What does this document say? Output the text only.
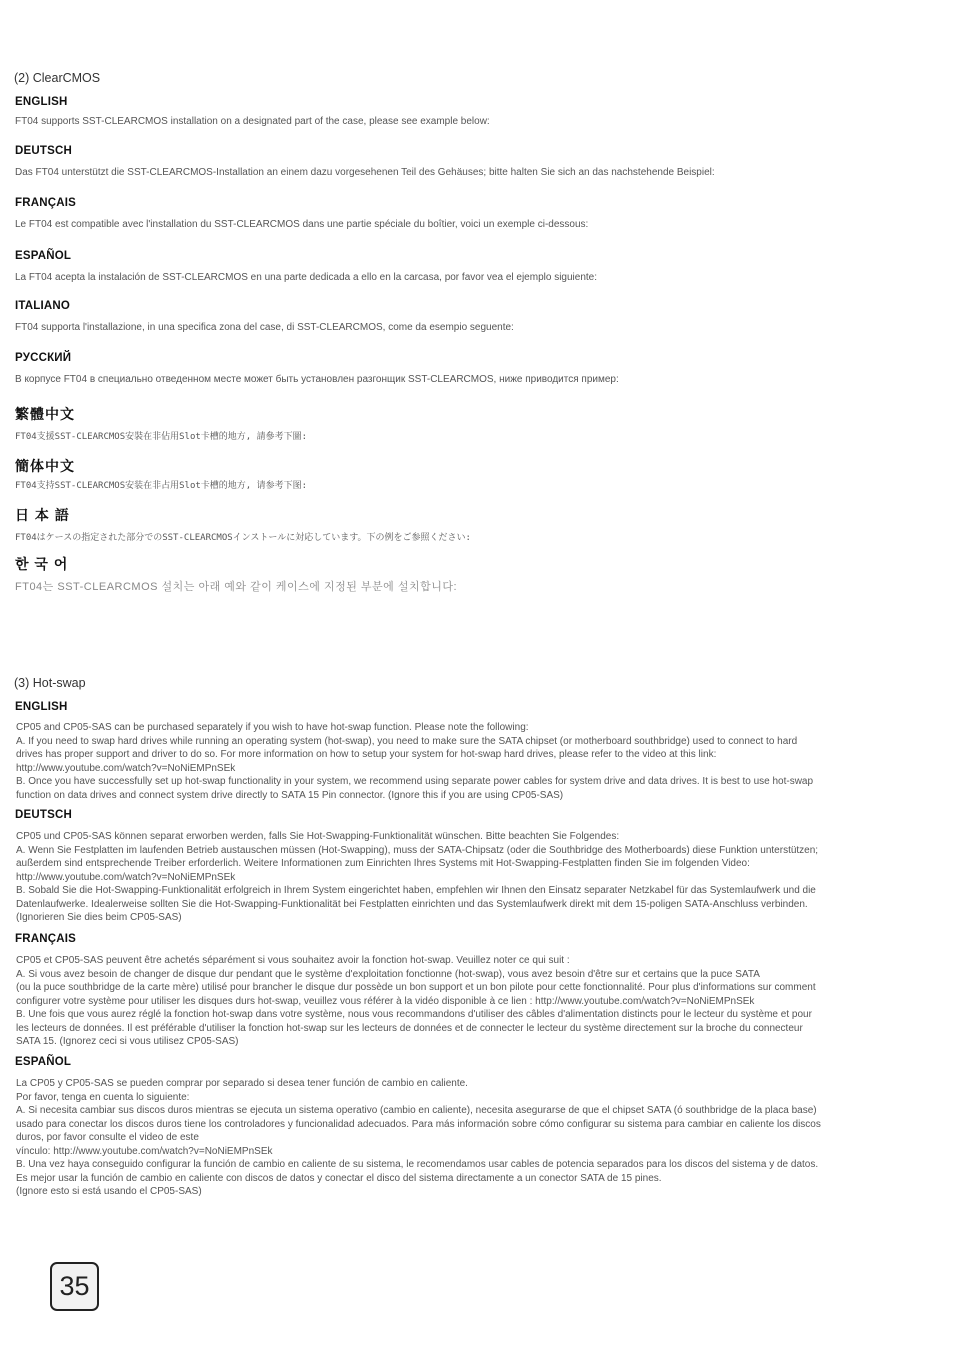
(2) ClearCMOS
ENGLISH
FT04 supports SST-CLEARCMOS installation on a designated part of the case, please see example below:
DEUTSCH
Das FT04 unterstützt die SST-CLEARCMOS-Installation an einem dazu vorgesehenen Teil des Gehäuses; bitte halten Sie sich an das nachstehende Beispiel:
FRANÇAIS
Le FT04 est compatible avec l'installation du SST-CLEARCMOS dans une partie spéciale du boîtier, voici un exemple ci-dessous:
ESPAÑOL
La FT04 acepta la instalación de SST-CLEARCMOS en una parte dedicada a ello en la carcasa, por favor vea el ejemplo siguiente:
ITALIANO
FT04 supporta l'installazione, in una specifica zona del case, di SST-CLEARCMOS, come da esempio seguente:
РУССКИЙ
В корпусе FT04 в специально отведенном месте может быть установлен разгонщик SST-CLEARCMOS, ниже приводится пример:
繁體中文
FT04支援SST-CLEARCMOS安裝在非佔用Slot卡槽的地方, 請參考下圖:
簡体中文
FT04支持SST-CLEARCMOS安装在非占用Slot卡槽的地方, 请参考下图:
日 本 語
FT04はケースの指定された部分でのSST-CLEARCMOSインストールに対応しています。下の例をご参照ください:
한 국 어
FT04는 SST-CLEARCMOS 설치는 아래 예와 같이 케이스에 지정된 부분에 설치합니다:
(3) Hot-swap
ENGLISH
CP05 and CP05-SAS can be purchased separately if you wish to have hot-swap function. Please note the following:
A. If you need to swap hard drives while running an operating system (hot-swap), you need to make sure the SATA chipset (or motherboard southbridge) used to connect to hard
drives has proper support and driver to do so. For more information on how to setup your system for hot-swap hard drives, please refer to the video at this link:
http://www.youtube.com/watch?v=NoNiEMPnSEk
B. Once you have successfully set up hot-swap functionality in your system, we recommend using separate power cables for system drive and data drives. It is best to use hot-swap
function on data drives and connect system drive directly to SATA 15 Pin connector. (Ignore this if you are using CP05-SAS)
DEUTSCH
CP05 und CP05-SAS können separat erworben werden, falls Sie Hot-Swapping-Funktionalität wünschen. Bitte beachten Sie Folgendes:
A. Wenn Sie Festplatten im laufenden Betrieb austauschen müssen (Hot-Swapping), muss der SATA-Chipsatz (oder die Southbridge des Motherboards) diese Funktion unterstützen;
außerdem sind entsprechende Treiber erforderlich. Weitere Informationen zum Einrichten Ihres Systems mit Hot-Swapping-Festplatten finden Sie im folgenden Video:
http://www.youtube.com/watch?v=NoNiEMPnSEk
B. Sobald Sie die Hot-Swapping-Funktionalität erfolgreich in Ihrem System eingerichtet haben, empfehlen wir Ihnen den Einsatz separater Netzkabel für das Systemlaufwerk und die
Datenlaufwerke. Idealerweise sollten Sie die Hot-Swapping-Funktionalität bei Festplatten einrichten und das Systemlaufwerk direkt mit dem 15-poligen SATA-Anschluss verbinden.
(Ignorieren Sie dies beim CP05-SAS)
FRANÇAIS
CP05 et CP05-SAS peuvent être achetés séparément si vous souhaitez avoir la fonction hot-swap. Veuillez noter ce qui suit :
A. Si vous avez besoin de changer de disque dur pendant que le système d'exploitation fonctionne (hot-swap), vous avez besoin d'être sur et certains que la puce SATA
(ou la puce southbridge de la carte mère) utilisé pour brancher le disque dur possède un bon support et un bon pilote pour cette fonctionnalité. Pour plus d'informations sur comment
configurer votre système pour utiliser les disques durs hot-swap, veuillez vous référer à la vidéo disponible à ce lien : http://www.youtube.com/watch?v=NoNiEMPnSEk
B. Une fois que vous aurez réglé la fonction hot-swap dans votre système, nous vous recommandons d'utiliser des câbles d'alimentation distincts pour le lecteur du système et pour
les lecteurs de données. Il est préférable d'utiliser la fonction hot-swap sur les lecteurs de données et de connecter le lecteur du système directement sur la broche du connecteur
SATA 15. (Ignorez ceci si vous utilisez CP05-SAS)
ESPAÑOL
La CP05 y CP05-SAS se pueden comprar por separado si desea tener función de cambio en caliente.
Por favor, tenga en cuenta lo siguiente:
A. Si necesita cambiar sus discos duros mientras se ejecuta un sistema operativo (cambio en caliente), necesita asegurarse de que el chipset SATA (ó southbridge de la placa base)
usado para conectar los discos duros tiene los controladores y funcionalidad adecuados. Para más información sobre cómo configurar su sistema para cambiar en caliente los discos
duros, por favor consulte el video de este
vínculo: http://www.youtube.com/watch?v=NoNiEMPnSEk
B. Una vez haya conseguido configurar la función de cambio en caliente de su sistema, le recomendamos usar cables de potencia separados para los discos del sistema y de datos.
Es mejor usar la función de cambio en caliente con discos de datos y conectar el disco del sistema directamente a un conector SATA de 15 pines.
(Ignore esto si está usando el CP05-SAS)
35
